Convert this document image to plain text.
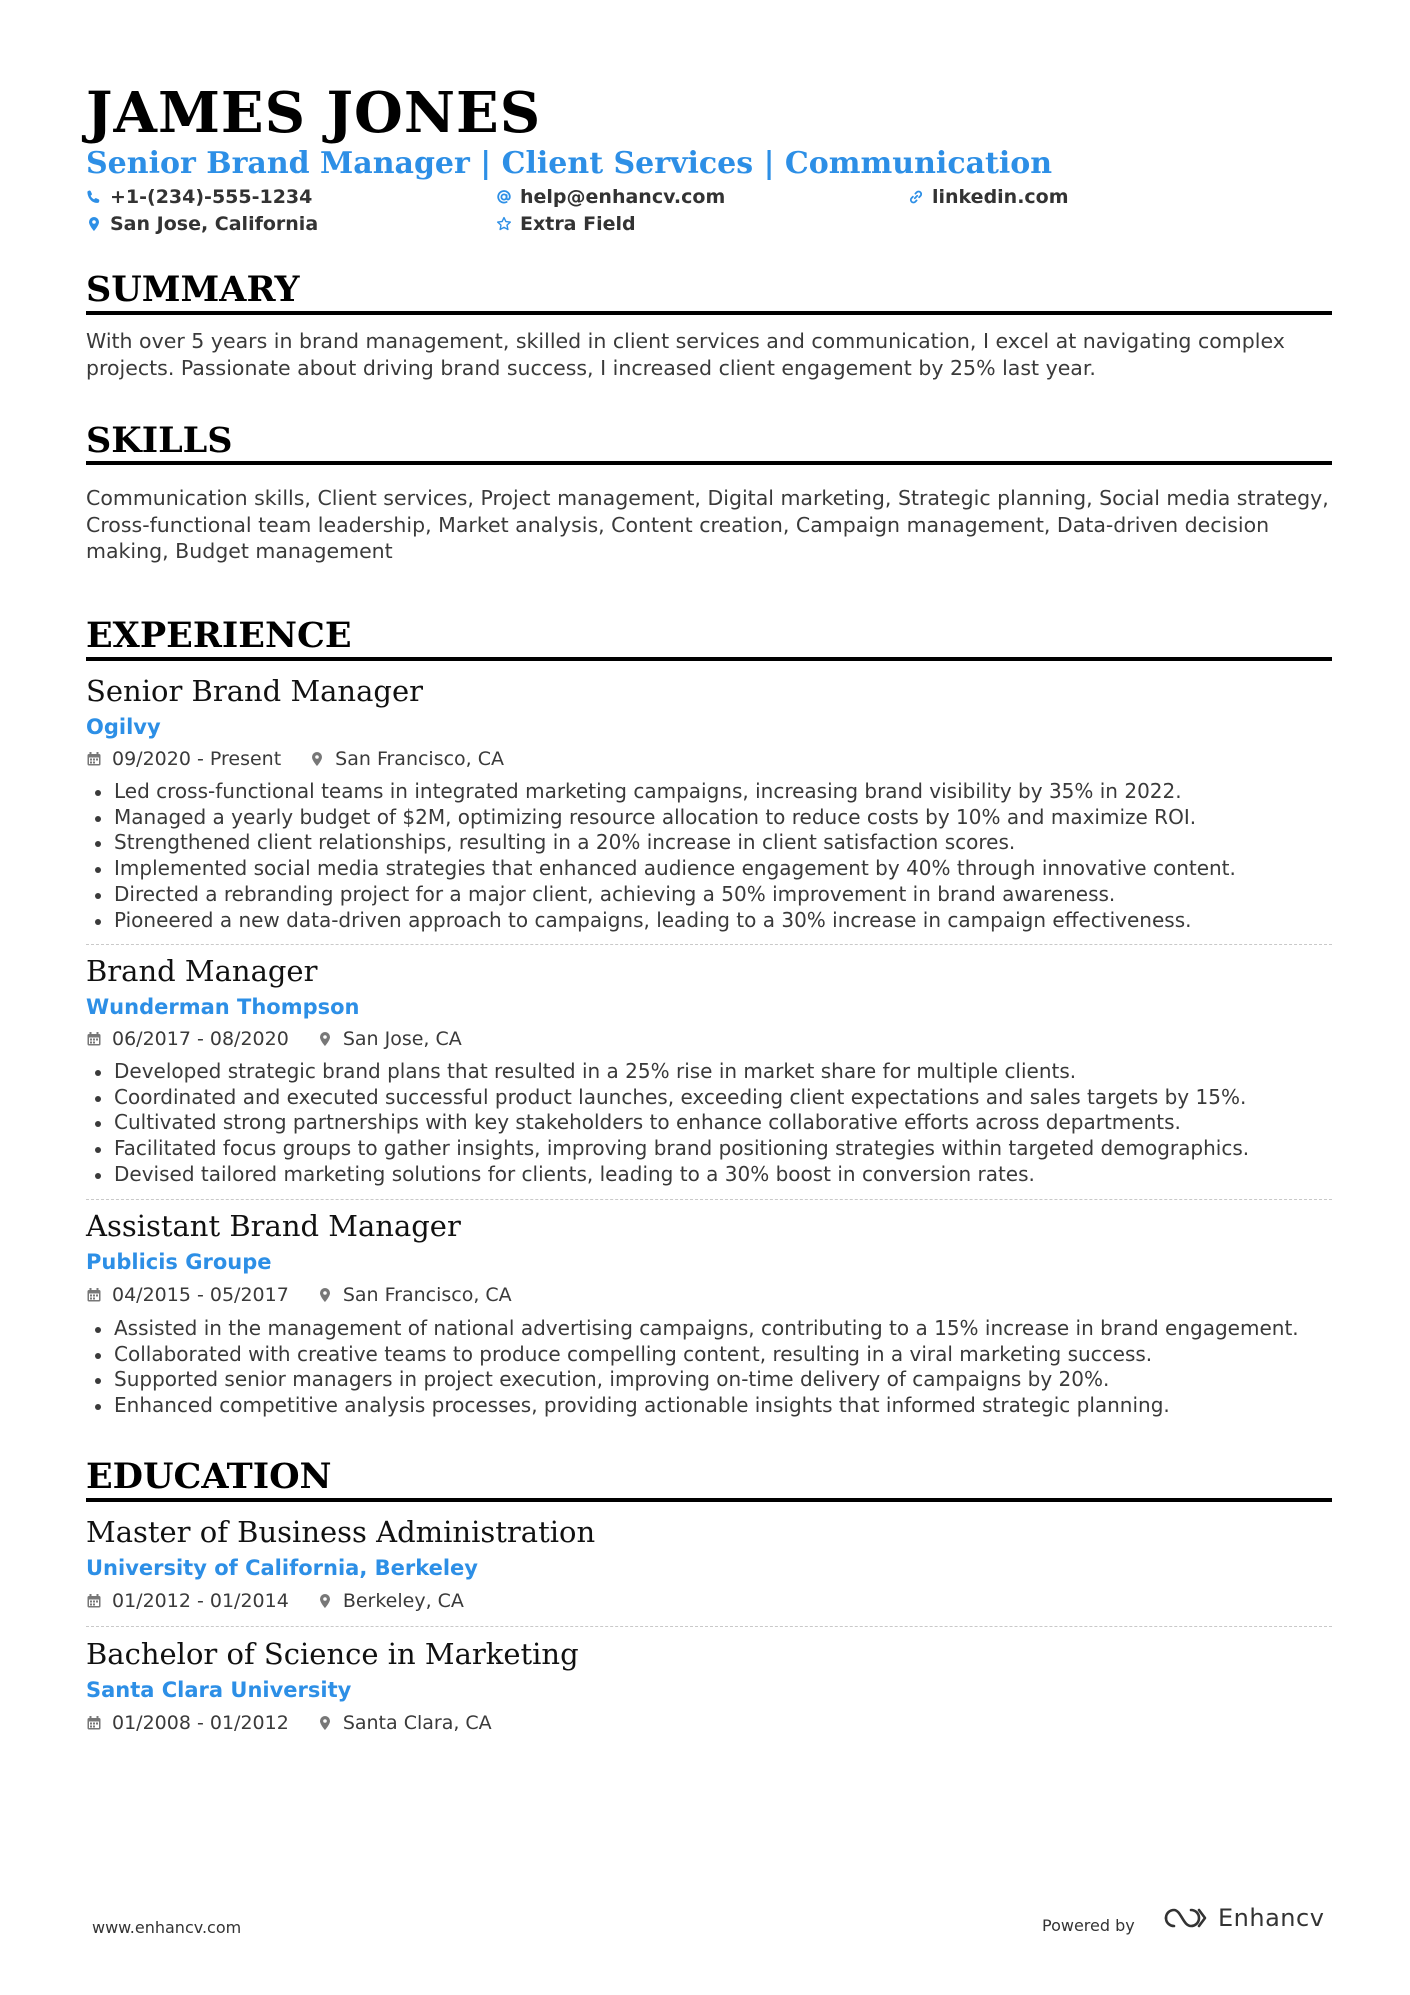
JAMES JONES
Senior Brand Manager | Client Services | Communication
+1-(234)-555-1234	help@enhancv.com	linkedin.com
San Jose, California	Extra Field
SUMMARY
With over 5 years in brand management, skilled in client services and communication, I excel at navigating complex projects. Passionate about driving brand success, I increased client engagement by 25% last year.
SKILLS
Communication skills, Client services, Project management, Digital marketing, Strategic planning, Social media strategy, Cross-functional team leadership, Market analysis, Content creation, Campaign management, Data-driven decision making, Budget management
EXPERIENCE
Senior Brand Manager
Ogilvy
09/2020 - Present	San Francisco, CA
Led cross-functional teams in integrated marketing campaigns, increasing brand visibility by 35% in 2022.
Managed a yearly budget of $2M, optimizing resource allocation to reduce costs by 10% and maximize ROI.
Strengthened client relationships, resulting in a 20% increase in client satisfaction scores.
Implemented social media strategies that enhanced audience engagement by 40% through innovative content.
Directed a rebranding project for a major client, achieving a 50% improvement in brand awareness.
Pioneered a new data-driven approach to campaigns, leading to a 30% increase in campaign effectiveness.
Brand Manager
Wunderman Thompson
06/2017 - 08/2020	San Jose, CA
Developed strategic brand plans that resulted in a 25% rise in market share for multiple clients.
Coordinated and executed successful product launches, exceeding client expectations and sales targets by 15%.
Cultivated strong partnerships with key stakeholders to enhance collaborative efforts across departments.
Facilitated focus groups to gather insights, improving brand positioning strategies within targeted demographics.
Devised tailored marketing solutions for clients, leading to a 30% boost in conversion rates.
Assistant Brand Manager
Publicis Groupe
04/2015 - 05/2017	San Francisco, CA
Assisted in the management of national advertising campaigns, contributing to a 15% increase in brand engagement.
Collaborated with creative teams to produce compelling content, resulting in a viral marketing success.
Supported senior managers in project execution, improving on-time delivery of campaigns by 20%.
Enhanced competitive analysis processes, providing actionable insights that informed strategic planning.
EDUCATION
Master of Business Administration
University of California, Berkeley
01/2012 - 01/2014	Berkeley, CA
Bachelor of Science in Marketing
Santa Clara University
01/2008 - 01/2012	Santa Clara, CA
www.enhancv.com	Powered by	Enhancv
